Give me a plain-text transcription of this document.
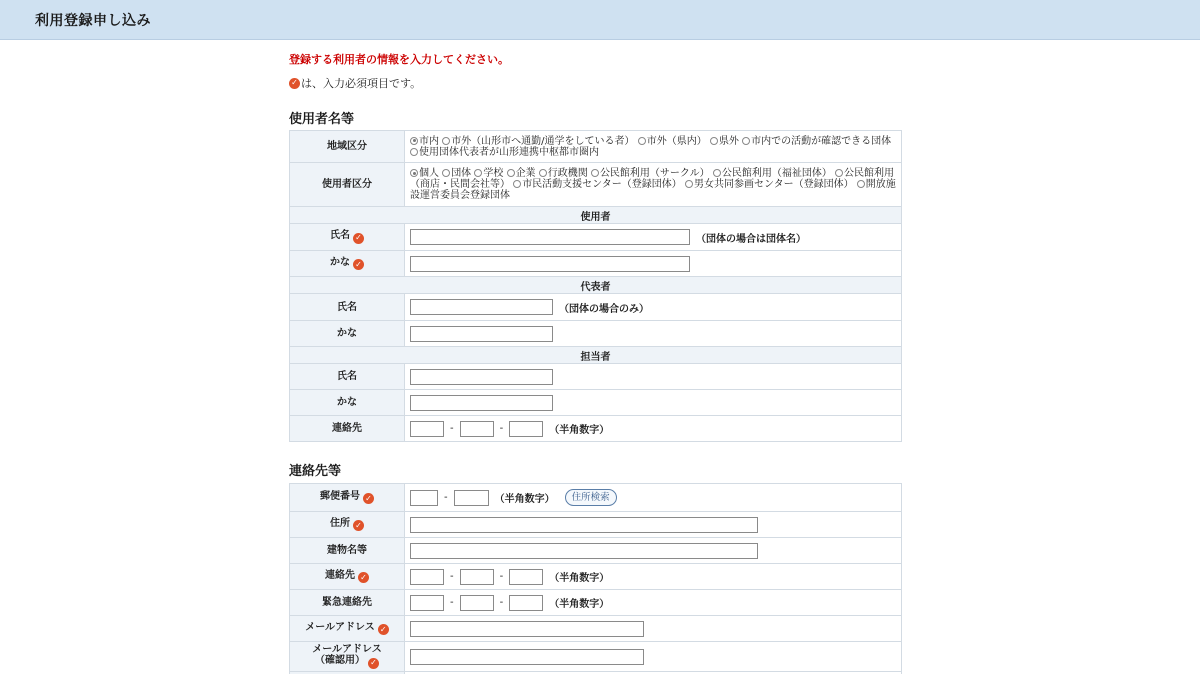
利用登録申し込み
登録する利用者の情報を入力してください。
✓ は、入力必須項目です。
使用者名等
地域区分	市内 市外（山形市へ通勤/通学をしている者） 市外（県内） 県外 市内での活動が確認できる団体 使用団体代表者が山形連携中枢都市圏内
使用者区分	個人 団体 学校 企業 行政機関 公民館利用（サークル） 公民館利用（福祉団体） 公民館利用（商店・民間会社等） 市民活動支援センター（登録団体） 男女共同参画センター（登録団体） 開放施設運営委員会登録団体
使用者	
氏名 ✓	（団体の場合は団体名）

かな ✓	

代表者	
氏名	（団体の場合のみ）

かな	

担当者	
氏名	

かな	

連絡先	- - （半角数字）
連絡先等
郵便番号 ✓	- （半角数字） 住所検索

住所 ✓	

建物名等	

連絡先 ✓	- - （半角数字）

緊急連絡先	- - （半角数字）

メールアドレス ✓	

メールアドレス
（確認用） ✓	
